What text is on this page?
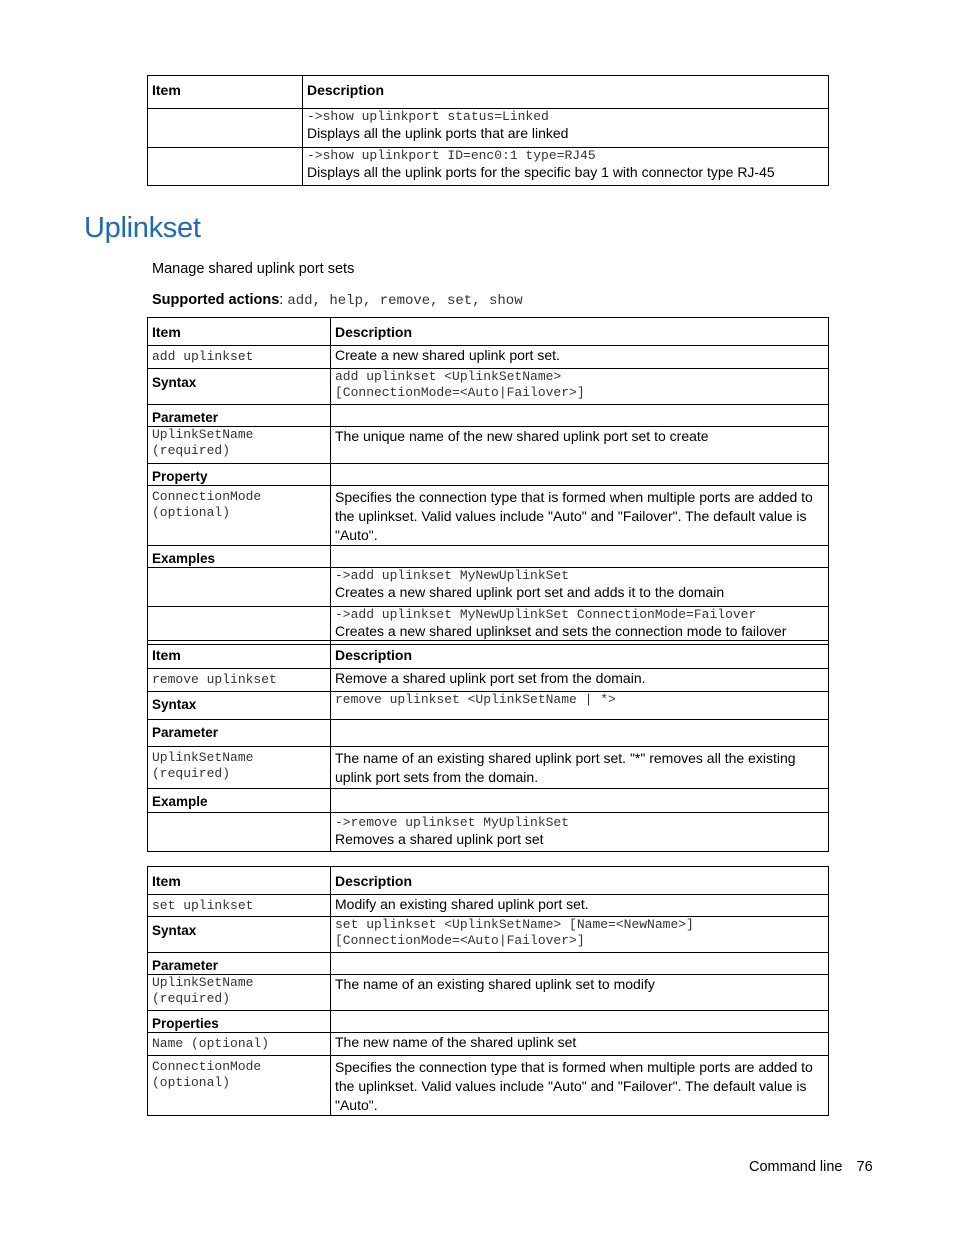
Item	Description

	->show uplinkport status=Linked
Displays all the uplink ports that are linked

	->show uplinkport ID=enc0:1 type=RJ45
Displays all the uplink ports for the specific bay 1 with connector type RJ-45
Uplinkset
Manage shared uplink port sets
Supported actions: add, help, remove, set, show
Item	Description
add uplinkset	Create a new shared uplink port set.
Syntax	add uplinkset <UplinkSetName>
[ConnectionMode=<Auto|Failover>]

Parameter	

UplinkSetName
(required)	The unique name of the new shared uplink port set to create
Property	

ConnectionMode
(optional)	Specifies the connection type that is formed when multiple ports are added to the uplinkset. Valid values include "Auto" and "Failover". The default value is "Auto".
Examples	

	->add uplinkset MyNewUplinkSet
Creates a new shared uplink port set and adds it to the domain

	->add uplinkset MyNewUplinkSet ConnectionMode=Failover
Creates a new shared uplinkset and sets the connection mode to failover
Item	Description
remove uplinkset	Remove a shared uplink port set from the domain.
Syntax	remove uplinkset <UplinkSetName | *>
Parameter	

UplinkSetName
(required)	The name of an existing shared uplink port set. "*" removes all the existing uplink port sets from the domain.
Example	

	->remove uplinkset MyUplinkSet
Removes a shared uplink port set
Item	Description
set uplinkset	Modify an existing shared uplink port set.
Syntax	set uplinkset <UplinkSetName> [Name=<NewName>]
[ConnectionMode=<Auto|Failover>]

Parameter	

UplinkSetName
(required)	The name of an existing shared uplink set to modify
Properties	
Name (optional)	The new name of the shared uplink set

ConnectionMode
(optional)	Specifies the connection type that is formed when multiple ports are added to the uplinkset. Valid values include "Auto" and "Failover". The default value is "Auto".
Command line 76
